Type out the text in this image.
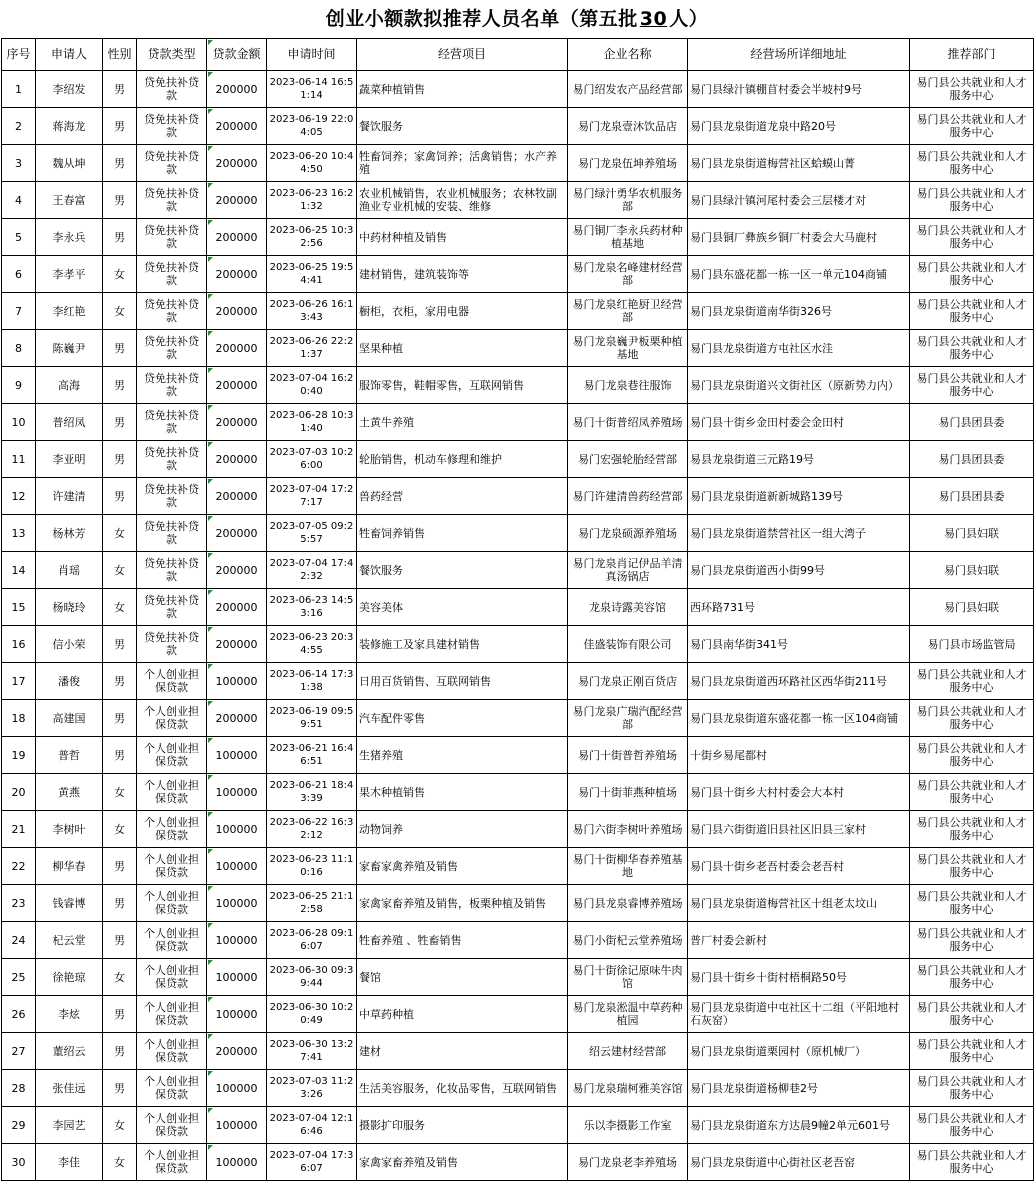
创业小额款拟推荐人员名单（第五批 30 人）
序号	申请人	性别	贷款类型	贷款金额	申请时间	经营项目	企业名称	经营场所详细地址	推荐部门

1	李绍发	男	贷免扶补贷款	200000	2023-06-14 16:51:14	蔬菜种植销售	易门绍发农产品经营部	易门县绿汁镇棚苜村委会半坡村9号	易门县公共就业和人才服务中心

2	蒋海龙	男	贷免扶补贷款	200000	2023-06-19 22:04:05	餐饮服务	易门龙泉壹沐饮品店	易门县龙泉街道龙泉中路20号	易门县公共就业和人才服务中心

3	魏从坤	男	贷免扶补贷款	200000	2023-06-20 10:44:50	牲畜饲养；家禽饲养；活禽销售；水产养殖	易门龙泉伍坤养殖场	易门县龙泉街道梅营社区蛤蟆山菁	易门县公共就业和人才服务中心

4	王春富	男	贷免扶补贷款	200000	2023-06-23 16:21:32	农业机械销售，农业机械服务；农林牧副渔业专业机械的安装、维修	易门绿汁勇华农机服务部	易门县绿汁镇河尾村委会三层楼才对	易门县公共就业和人才服务中心

5	李永兵	男	贷免扶补贷款	200000	2023-06-25 10:32:56	中药材种植及销售	易门铜厂李永兵药材种植基地	易门县铜厂彝族乡铜厂村委会大马鹿村	易门县公共就业和人才服务中心

6	李孝平	女	贷免扶补贷款	200000	2023-06-25 19:54:41	建材销售，建筑装饰等	易门龙泉名峰建材经营部	易门县东盛花都一栋一区一单元104商铺	易门县公共就业和人才服务中心

7	李红艳	女	贷免扶补贷款	200000	2023-06-26 16:13:43	橱柜，衣柜，家用电器	易门龙泉红艳厨卫经营部	易门县龙泉街道南华街326号	易门县公共就业和人才服务中心

8	陈巍尹	男	贷免扶补贷款	200000	2023-06-26 22:21:37	坚果种植	易门龙泉巍尹板栗种植基地	易门县龙泉街道方屯社区水洼	易门县公共就业和人才服务中心

9	高海	男	贷免扶补贷款	200000	2023-07-04 16:20:40	服饰零售，鞋帽零售，互联网销售	易门龙泉巷往服饰	易门县龙泉街道兴文街社区（原新势力内）	易门县公共就业和人才服务中心

10	普绍凤	男	贷免扶补贷款	200000	2023-06-28 10:31:40	土黄牛养殖	易门十街普绍凤养殖场	易门县十街乡金田村委会金田村	易门县团县委

11	李亚明	男	贷免扶补贷款	200000	2023-07-03 10:26:00	轮胎销售，机动车修理和维护	易门宏强轮胎经营部	易县龙泉街道三元路19号	易门县团县委

12	许建清	男	贷免扶补贷款	200000	2023-07-04 17:27:17	兽药经营	易门许建清兽药经营部	易门县龙泉街道新新城路139号	易门县团县委

13	杨林芳	女	贷免扶补贷款	200000	2023-07-05 09:25:57	牲畜饲养销售	易门龙泉硕源养殖场	易门县龙泉街道禁营社区一组大湾子	易门县妇联

14	肖瑶	女	贷免扶补贷款	200000	2023-07-04 17:42:32	餐饮服务	易门龙泉肖记伊品羊清真汤锅店	易门县龙泉街道西小街99号	易门县妇联

15	杨晓玲	女	贷免扶补贷款	200000	2023-06-23 14:53:16	美容美体	龙泉诗露美容馆	西环路731号	易门县妇联

16	信小荣	男	贷免扶补贷款	200000	2023-06-23 20:34:55	装修施工及家具建材销售	佳盛装饰有限公司	易门县南华街341号	易门县市场监管局

17	潘俊	男	个人创业担保贷款	100000	2023-06-14 17:31:38	日用百货销售、互联网销售	易门龙泉正刚百货店	易门县龙泉街道西环路社区西华街211号	易门县公共就业和人才服务中心

18	高建国	男	个人创业担保贷款	200000	2023-06-19 09:59:51	汽车配件零售	易门龙泉广瑞汽配经营部	易门县龙泉街道东盛花都一栋一区104商铺	易门县公共就业和人才服务中心

19	普哲	男	个人创业担保贷款	100000	2023-06-21 16:46:51	生猪养殖	易门十街普哲养殖场	十街乡易尾都村	易门县公共就业和人才服务中心

20	黄燕	女	个人创业担保贷款	100000	2023-06-21 18:43:39	果木种植销售	易门十街菲燕种植场	易门县十街乡大村村委会大本村	易门县公共就业和人才服务中心

21	李树叶	女	个人创业担保贷款	100000	2023-06-22 16:32:12	动物饲养	易门六街李树叶养殖场	易门县六街街道旧县社区旧县三家村	易门县公共就业和人才服务中心

22	柳华春	男	个人创业担保贷款	100000	2023-06-23 11:10:16	家畜家禽养殖及销售	易门十街柳华春养殖基地	易门县十街乡老吾村委会老吾村	易门县公共就业和人才服务中心

23	钱睿博	男	个人创业担保贷款	100000	2023-06-25 21:12:58	家禽家畜养殖及销售，板栗种植及销售	易门县龙泉睿博养殖场	易门县龙泉街道梅营社区十组老太坟山	易门县公共就业和人才服务中心

24	杞云堂	男	个人创业担保贷款	100000	2023-06-28 09:16:07	牲畜养殖 、牲畜销售	易门小街杞云堂养殖场	普厂村委会新村	易门县公共就业和人才服务中心

25	徐艳琼	女	个人创业担保贷款	100000	2023-06-30 09:39:44	餐馆	易门十街徐记原味牛肉馆	易门县十街乡十街村梧桐路50号	易门县公共就业和人才服务中心

26	李炫	男	个人创业担保贷款	100000	2023-06-30 10:20:49	中草药种植	易门龙泉淞温中草药种植园	易门县龙泉街道中屯社区十二组（平阳地村石灰窑）	易门县公共就业和人才服务中心

27	董绍云	男	个人创业担保贷款	200000	2023-06-30 13:27:41	建材	绍云建材经营部	易门县龙泉街道栗园村（原机械厂）	易门县公共就业和人才服务中心

28	张佳远	男	个人创业担保贷款	100000	2023-07-03 11:23:26	生活美容服务，化妆品零售，互联网销售	易门龙泉瑞柯雅美容馆	易门县龙泉街道杨柳巷2号	易门县公共就业和人才服务中心

29	李园艺	女	个人创业担保贷款	100000	2023-07-04 12:16:46	摄影扩印服务	乐以李摄影工作室	易门县龙泉街道东方达晨9幢2单元601号	易门县公共就业和人才服务中心

30	李佳	女	个人创业担保贷款	100000	2023-07-04 17:36:07	家禽家畜养殖及销售	易门龙泉老李养殖场	易门县龙泉街道中心街社区老吾窑	易门县公共就业和人才服务中心
